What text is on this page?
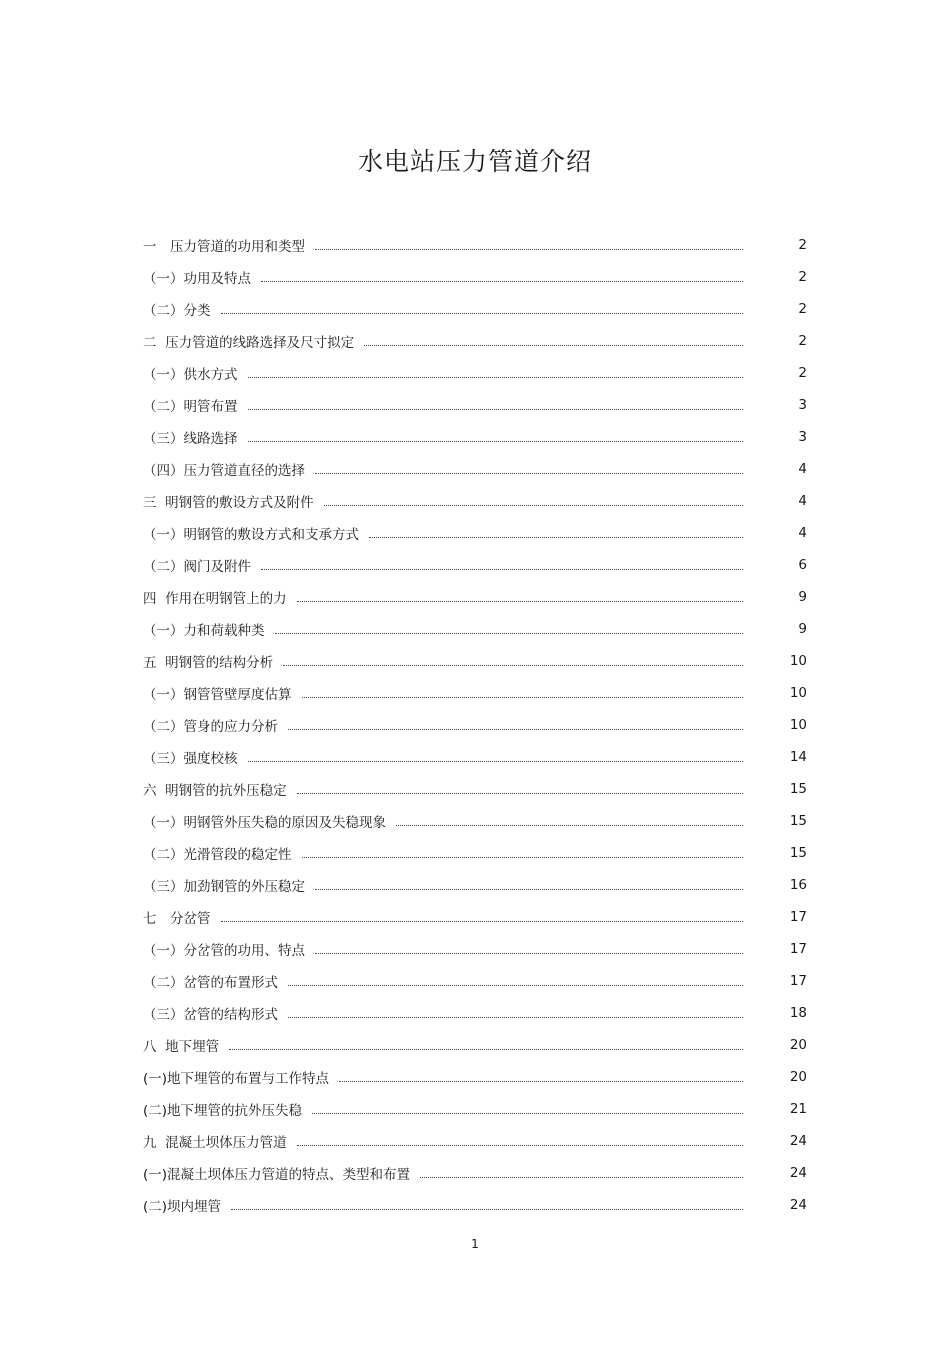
水电站压力管道介绍
一　压力管道的功用和类型	2
（一）功用及特点	2
（二）分类	2
二  压力管道的线路选择及尺寸拟定	2
（一）供水方式	2
（二）明管布置	3
（三）线路选择	3
（四）压力管道直径的选择	4
三  明钢管的敷设方式及附件	4
（一）明钢管的敷设方式和支承方式	4
（二）阀门及附件	6
四  作用在明钢管上的力	9
（一）力和荷载种类	9
五  明钢管的结构分析	10
（一）钢管管壁厚度估算	10
（二）管身的应力分析	10
（三）强度校核	14
六  明钢管的抗外压稳定	15
（一）明钢管外压失稳的原因及失稳现象	15
（二）光滑管段的稳定性	15
（三）加劲钢管的外压稳定	16
七　分岔管	17
（一）分岔管的功用、特点	17
（二）岔管的布置形式	17
（三）岔管的结构形式	18
八  地下埋管	20
(一)地下埋管的布置与工作特点	20
(二)地下埋管的抗外压失稳	21
九  混凝土坝体压力管道	24
(一)混凝土坝体压力管道的特点、类型和布置	24
(二)坝内埋管	24
1
